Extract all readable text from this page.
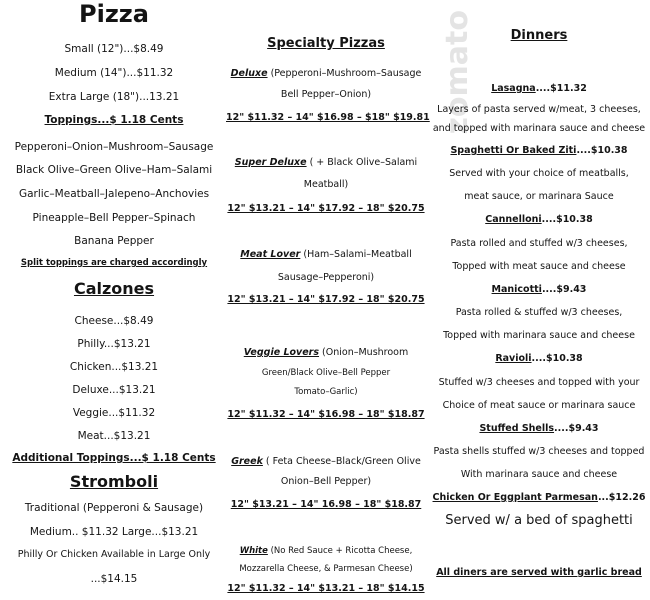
zomato
Pizza
Small (12")...$8.49
Medium (14")...$11.32
Extra Large (18")...13.21
Toppings...$ 1.18 Cents
Pepperoni–Onion–Mushroom–Sausage
Black Olive–Green Olive–Ham–Salami
Garlic–Meatball–Jalepeno–Anchovies
Pineapple–Bell Pepper–Spinach
Banana Pepper
Split toppings are charged accordingly
Calzones
Cheese...$8.49
Philly...$13.21
Chicken...$13.21
Deluxe...$13.21
Veggie...$11.32
Meat...$13.21
Additional Toppings...$ 1.18 Cents
Stromboli
Traditional (Pepperoni & Sausage)
Medium.. $11.32 Large...$13.21
Philly Or Chicken Available in Large Only
...$14.15
Specialty Pizzas
Deluxe (Pepperoni–Mushroom–Sausage
Bell Pepper–Onion)
12" $11.32 – 14" $16.98 – $18" $19.81
Super Deluxe ( + Black Olive–Salami
Meatball)
12" $13.21 – 14" $17.92 – 18" $20.75
Meat Lover (Ham–Salami–Meatball
Sausage–Pepperoni)
12" $13.21 – 14" $17.92 – 18" $20.75
Veggie Lovers (Onion–Mushroom
Green/Black Olive–Bell Pepper
Tomato–Garlic)
12" $11.32 – 14" $16.98 – 18" $18.87
Greek ( Feta Cheese–Black/Green Olive
Onion–Bell Pepper)
12" $13.21 – 14" 16.98 – 18" $18.87
White (No Red Sauce + Ricotta Cheese,
Mozzarella Cheese, & Parmesan Cheese)
12" $11.32 – 14" $13.21 – 18" $14.15
Dinners
Lasagna....$11.32
Layers of pasta served w/meat, 3 cheeses,
and topped with marinara sauce and cheese
Spaghetti Or Baked Ziti....$10.38
Served with your choice of meatballs,
meat sauce, or marinara Sauce
Cannelloni....$10.38
Pasta rolled and stuffed w/3 cheeses,
Topped with meat sauce and cheese
Manicotti....$9.43
Pasta rolled & stuffed w/3 cheeses,
Topped with marinara sauce and cheese
Ravioli....$10.38
Stuffed w/3 cheeses and topped with your
Choice of meat sauce or marinara sauce
Stuffed Shells....$9.43
Pasta shells stuffed w/3 cheeses and topped
With marinara sauce and cheese
Chicken Or Eggplant Parmesan...$12.26
Served w/ a bed of spaghetti
All diners are served with garlic bread
